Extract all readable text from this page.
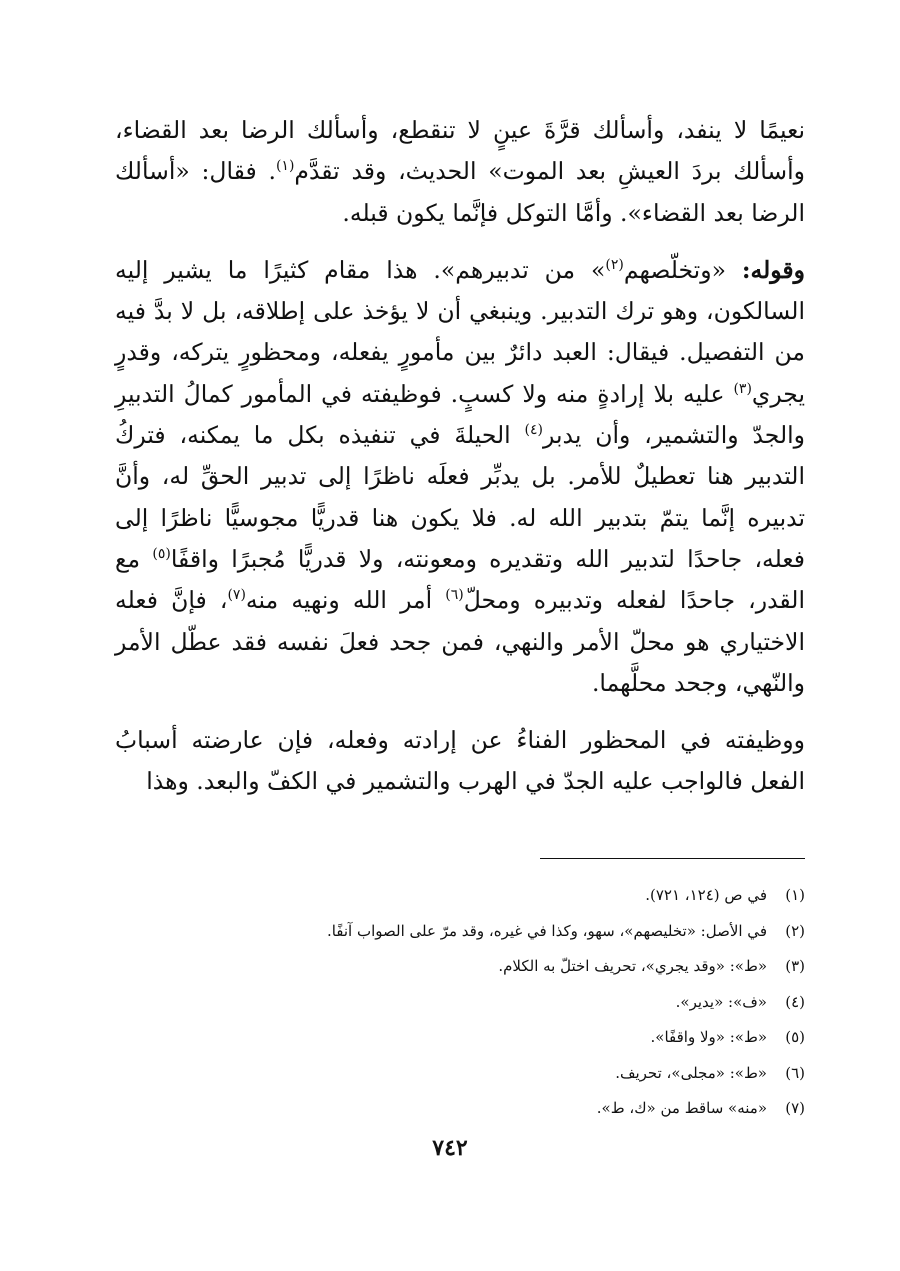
نعيمًا لا ينفد، وأسألك قرَّةَ عينٍ لا تنقطع، وأسألك الرضا بعد القضاء، وأسألك بردَ العيشِ بعد الموت» الحديث، وقد تقدَّم$^{(١)}$. فقال: «أسألك الرضا بعد القضاء». وأمَّا التوكل فإنَّما يكون قبله.

وقوله: «وتخلّصهم$^{(٢)}$» من تدبيرهم». هذا مقام كثيرًا ما يشير إليه السالكون، وهو ترك التدبير. وينبغي أن لا يؤخذ على إطلاقه، بل لا بدَّ فيه من التفصيل. فيقال: العبد دائرٌ بين مأمورٍ يفعله، ومحظورٍ يتركه، وقدرٍ يجري$^{(٣)}$ عليه بلا إرادةٍ منه ولا كسبٍ. فوظيفته في المأمور كمالُ التدبيرِ والجدّ والتشمير، وأن يدبر$^{(٤)}$ الحيلةَ في تنفيذه بكل ما يمكنه، فتركُ التدبير هنا تعطيلٌ للأمر. بل يدبِّر فعلَه ناظرًا إلى تدبير الحقِّ له، وأنَّ تدبيره إنَّما يتمّ بتدبير الله له. فلا يكون هنا قدريًّا مجوسيًّا ناظرًا إلى فعله، جاحدًا لتدبير الله وتقديره ومعونته، ولا قدريًّا مُجبرًا واقفًا$^{(٥)}$ مع القدر، جاحدًا لفعله وتدبيره ومحلّ$^{(٦)}$ أمر الله ونهيه منه$^{(٧)}$، فإنَّ فعله الاختياري هو محلّ الأمر والنهي، فمن جحد فعلَ نفسه فقد عطّل الأمر والنّهي، وجحد محلَّهما.

ووظيفته في المحظور الفناءُ عن إرادته وفعله، فإن عارضته أسبابُ الفعل فالواجب عليه الجدّ في الهرب والتشمير في الكفّ والبعد. وهذا

(١)في ص (١٢٤، ٧٢١).
(٢)في الأصل: «تخليصهم»، سهو، وكذا في غيره، وقد مرّ على الصواب آنفًا.
(٣)«ط»: «وقد يجري»، تحريف اختلّ به الكلام.
(٤)«ف»: «يدير».
(٥)«ط»: «ولا واقفًا».
(٦)«ط»: «مجلى»، تحريف.
(٧)«منه» ساقط من «ك، ط».
٧٤٢
